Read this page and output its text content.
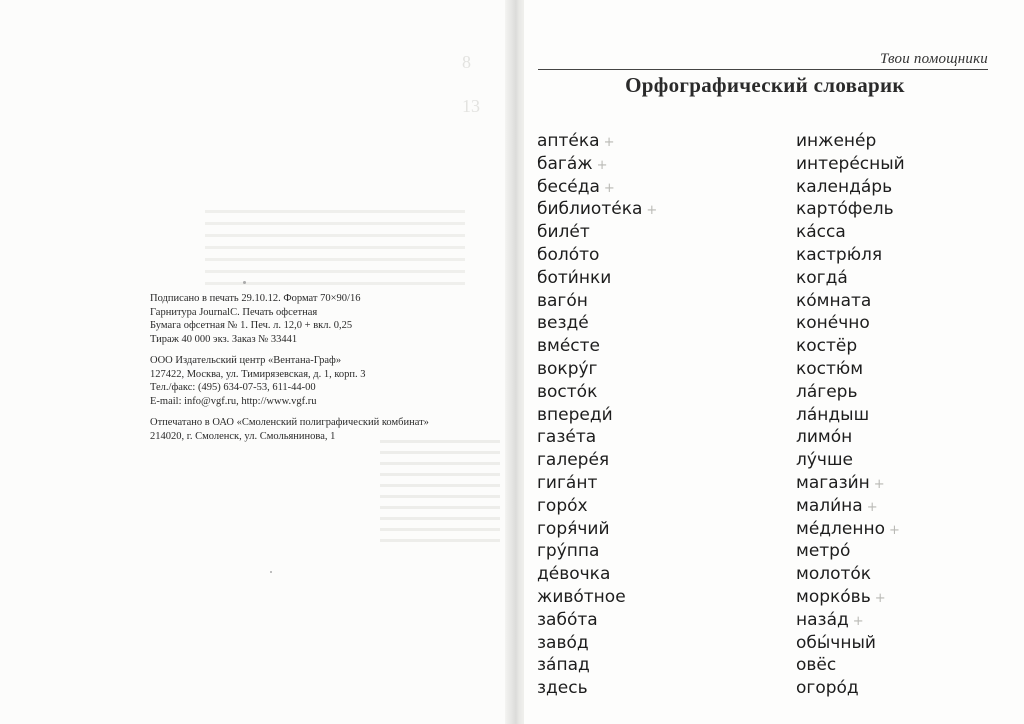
8
13
Подписано в печать 29.10.12. Формат 70×90/16
Гарнитура JournalC. Печать офсетная
Бумага офсетная № 1. Печ. л. 12,0 + вкл. 0,25
Тираж 40 000 экз. Заказ № 33441
ООО Издательский центр «Вентана-Граф»
127422, Москва, ул. Тимирязевская, д. 1, корп. 3
Тел./факс: (495) 634-07-53, 611-44-00
E-mail: info@vgf.ru, http://www.vgf.ru
Отпечатано в ОАО «Смоленский полиграфический комбинат»
214020, г. Смоленск, ул. Смольянинова, 1
Твои помощники
Орфографический словарик
апте́ка +
бага́ж +
бесе́да +
библиоте́ка +
биле́т
боло́то
боти́нки
ваго́н
везде́
вме́сте
вокру́г
восто́к
впереди́
газе́та
галере́я
гига́нт
горо́х
горя́чий
гру́ппа
де́вочка
живо́тное
забо́та
заво́д
за́пад
здесь
инжене́р
интере́сный
календа́рь
карто́фель
ка́сса
кастрю́ля
когда́
ко́мната
коне́чно
костёр
костю́м
ла́герь
ла́ндыш
лимо́н
лу́чше
магази́н +
мали́на +
ме́дленно +
метро́
молото́к
морко́вь +
наза́д +
обы́чный
овёс
огоро́д
